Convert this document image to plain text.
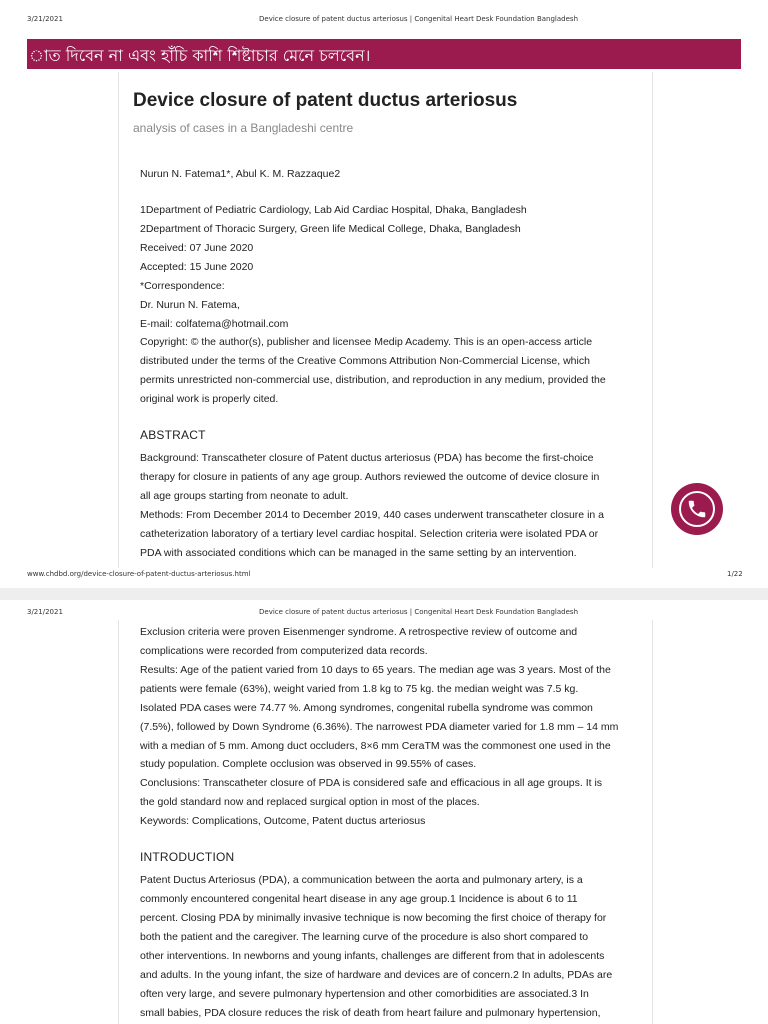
3/21/2021	Device closure of patent ductus arteriosus | Congenital Heart Desk Foundation Bangladesh
াত দিবেন না এবং হাঁচি কাশি শিষ্টাচার মেনে চলবেন।
Device closure of patent ductus arteriosus
analysis of cases in a Bangladeshi centre
Nurun N. Fatema1*, Abul K. M. Razzaque2
1Department of Pediatric Cardiology, Lab Aid Cardiac Hospital, Dhaka, Bangladesh
2Department of Thoracic Surgery, Green life Medical College, Dhaka, Bangladesh
Received: 07 June 2020
Accepted: 15 June 2020
*Correspondence:
Dr. Nurun N. Fatema,
E-mail: colfatema@hotmail.com
Copyright: © the author(s), publisher and licensee Medip Academy. This is an open-access article
distributed under the terms of the Creative Commons Attribution Non-Commercial License, which
permits unrestricted non-commercial use, distribution, and reproduction in any medium, provided the
original work is properly cited.
ABSTRACT
Background: Transcatheter closure of Patent ductus arteriosus (PDA) has become the first-choice
therapy for closure in patients of any age group. Authors reviewed the outcome of device closure in
all age groups starting from neonate to adult.
Methods: From December 2014 to December 2019, 440 cases underwent transcatheter closure in a
catheterization laboratory of a tertiary level cardiac hospital. Selection criteria were isolated PDA or
PDA with associated conditions which can be managed in the same setting by an intervention.
www.chdbd.org/device-closure-of-patent-ductus-arteriosus.html	1/22
3/21/2021	Device closure of patent ductus arteriosus | Congenital Heart Desk Foundation Bangladesh
Exclusion criteria were proven Eisenmenger syndrome. A retrospective review of outcome and
complications were recorded from computerized data records.
Results: Age of the patient varied from 10 days to 65 years. The median age was 3 years. Most of the
patients were female (63%), weight varied from 1.8 kg to 75 kg. the median weight was 7.5 kg.
Isolated PDA cases were 74.77 %. Among syndromes, congenital rubella syndrome was common
(7.5%), followed by Down Syndrome (6.36%). The narrowest PDA diameter varied for 1.8 mm – 14 mm
with a median of 5 mm. Among duct occluders, 8×6 mm CeraTM was the commonest one used in the
study population. Complete occlusion was observed in 99.55% of cases.
Conclusions: Transcatheter closure of PDA is considered safe and efficacious in all age groups. It is
the gold standard now and replaced surgical option in most of the places.
Keywords: Complications, Outcome, Patent ductus arteriosus
INTRODUCTION
Patent Ductus Arteriosus (PDA), a communication between the aorta and pulmonary artery, is a
commonly encountered congenital heart disease in any age group.1 Incidence is about 6 to 11
percent. Closing PDA by minimally invasive technique is now becoming the first choice of therapy for
both the patient and the caregiver. The learning curve of the procedure is also short compared to
other interventions. In newborns and young infants, challenges are different from that in adolescents
and adults. In the young infant, the size of hardware and devices are of concern.2 In adults, PDAs are
often very large, and severe pulmonary hypertension and other comorbidities are associated.3 In
small babies, PDA closure reduces the risk of death from heart failure and pulmonary hypertension,
